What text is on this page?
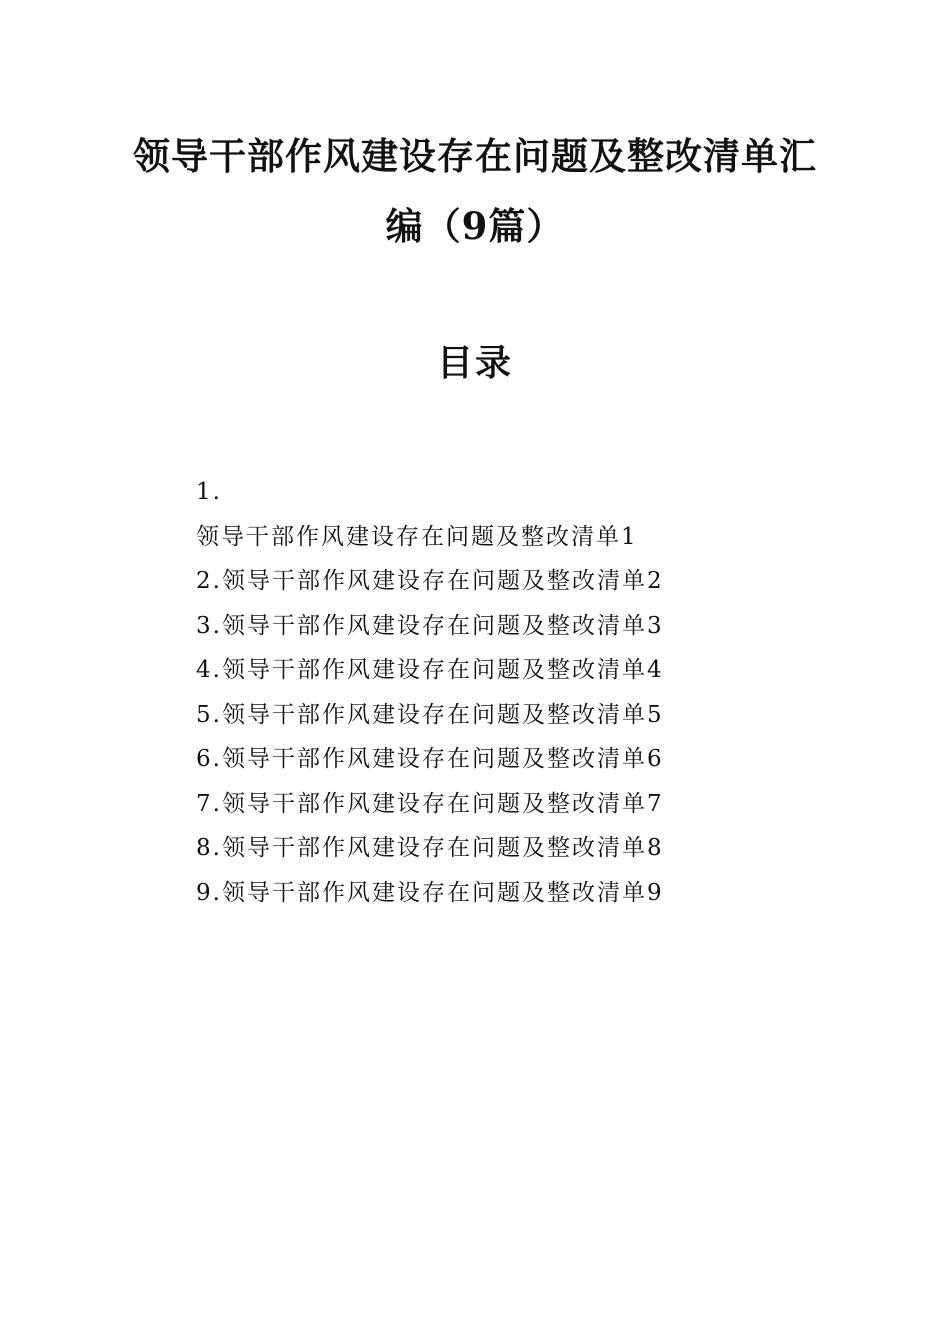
领导干部作风建设存在问题及整改清单汇
编（9篇）
目录
1.
领导干部作风建设存在问题及整改清单1
2.领导干部作风建设存在问题及整改清单2
3.领导干部作风建设存在问题及整改清单3
4.领导干部作风建设存在问题及整改清单4
5.领导干部作风建设存在问题及整改清单5
6.领导干部作风建设存在问题及整改清单6
7.领导干部作风建设存在问题及整改清单7
8.领导干部作风建设存在问题及整改清单8
9.领导干部作风建设存在问题及整改清单9
